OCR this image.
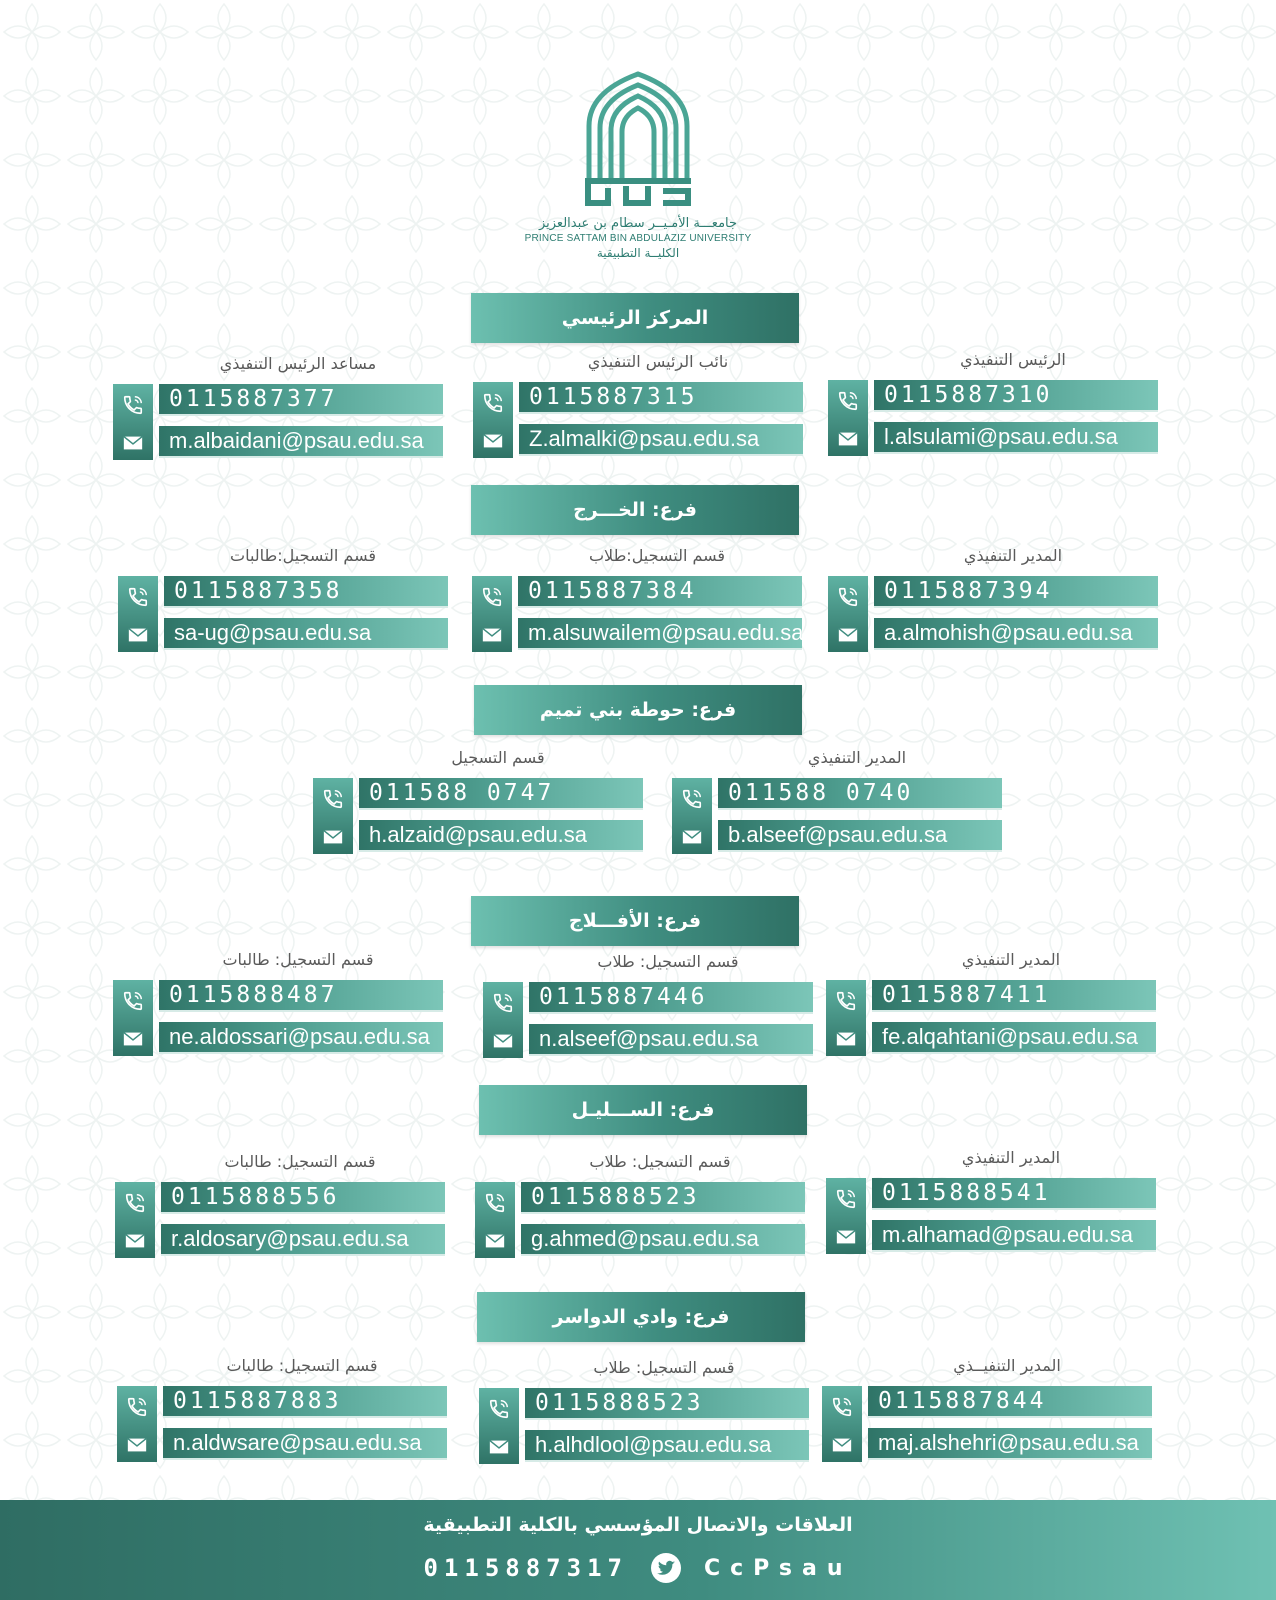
جامعـــة الأمـيــر سطام بن عبدالعزيز
PRINCE SATTAM BIN ABDULAZIZ UNIVERSITY
الكليــة التطبيقية
المركز الرئيسي
الرئيس التنفيذي
0115887310
l.alsulami@psau.edu.sa
نائب الرئيس التنفيذي
0115887315
Z.almalki@psau.edu.sa
مساعد الرئيس التنفيذي
0115887377
m.albaidani@psau.edu.sa
فرع: الخـــرج
المدير التنفيذي
0115887394
a.almohish@psau.edu.sa
قسم التسجيل:طلاب
0115887384
m.alsuwailem@psau.edu.sa
قسم التسجيل:طالبات
0115887358
sa-ug@psau.edu.sa
فرع: حوطة بني تميم
المدير التنفيذي
011588 0740
b.alseef@psau.edu.sa
قسم التسجيل
011588 0747
h.alzaid@psau.edu.sa
فرع: الأفـــلاج
المدير التنفيذي
0115887411
fe.alqahtani@psau.edu.sa
قسم التسجيل: طلاب
0115887446
n.alseef@psau.edu.sa
قسم التسجيل: طالبات
0115888487
ne.aldossari@psau.edu.sa
فرع: الســـليـل
المدير التنفيذي
0115888541
m.alhamad@psau.edu.sa
قسم التسجيل: طلاب
0115888523
g.ahmed@psau.edu.sa
قسم التسجيل: طالبات
0115888556
r.aldosary@psau.edu.sa
فرع: وادي الدواسر
المدير التنفيــذي
0115887844
maj.alshehri@psau.edu.sa
قسم التسجيل: طلاب
0115888523
h.alhdlool@psau.edu.sa
قسم التسجيل: طالبات
0115887883
n.aldwsare@psau.edu.sa
العلاقات والاتصال المؤسسي بالكلية التطبيقية
0115887317	CcPsau
